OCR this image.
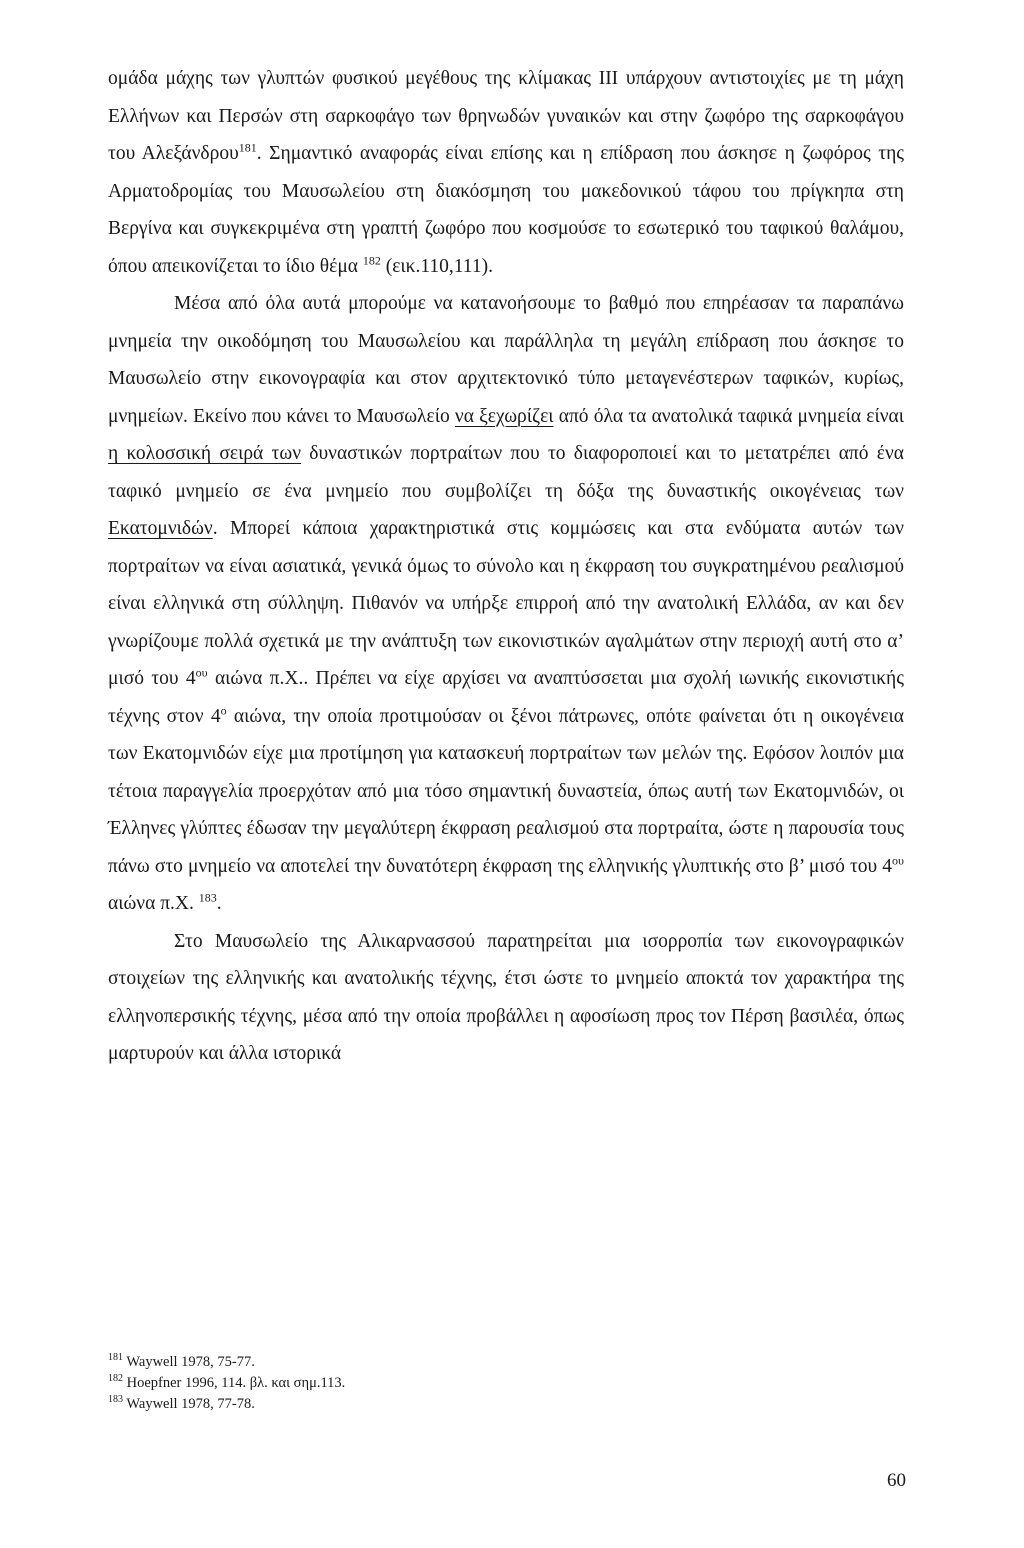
ομάδα μάχης των γλυπτών φυσικού μεγέθους της κλίμακας ΙΙΙ υπάρχουν αντιστοιχίες με τη μάχη Ελλήνων και Περσών στη σαρκοφάγο των θρηνωδών γυναικών και στην ζωφόρο της σαρκοφάγου του Αλεξάνδρου$^{181}$. Σημαντικό αναφοράς είναι επίσης και η επίδραση που άσκησε η ζωφόρος της Αρματοδρομίας του Μαυσωλείου στη διακόσμηση του μακεδονικού τάφου του πρίγκηπα στη Βεργίνα και συγκεκριμένα στη γραπτή ζωφόρο που κοσμούσε το εσωτερικό του ταφικού θαλάμου, όπου απεικονίζεται το ίδιο θέμα $^{182}$ (εικ.110,111).

Μέσα από όλα αυτά μπορούμε να κατανοήσουμε το βαθμό που επηρέασαν τα παραπάνω μνημεία την οικοδόμηση του Μαυσωλείου και παράλληλα τη μεγάλη επίδραση που άσκησε το Μαυσωλείο στην εικονογραφία και στον αρχιτεκτονικό τύπο μεταγενέστερων ταφικών, κυρίως, μνημείων. Εκείνο που κάνει το Μαυσωλείο να ξεχωρίζει από όλα τα ανατολικά ταφικά μνημεία είναι η κολοσσική σειρά των δυναστικών πορτραίτων που το διαφοροποιεί και το μετατρέπει από ένα ταφικό μνημείο σε ένα μνημείο που συμβολίζει τη δόξα της δυναστικής οικογένειας των Εκατομνιδών. Μπορεί κάποια χαρακτηριστικά στις κομμώσεις και στα ενδύματα αυτών των πορτραίτων να είναι ασιατικά, γενικά όμως το σύνολο και η έκφραση του συγκρατημένου ρεαλισμού είναι ελληνικά στη σύλληψη. Πιθανόν να υπήρξε επιρροή από την ανατολική Ελλάδα, αν και δεν γνωρίζουμε πολλά σχετικά με την ανάπτυξη των εικονιστικών αγαλμάτων στην περιοχή αυτή στο α’ μισό του $4^{o\upsilon}$ αιώνα π.Χ.. Πρέπει να είχε αρχίσει να αναπτύσσεται μια σχολή ιωνικής εικονιστικής τέχνης στον $4^o$ αιώνα, την οποία προτιμούσαν οι ξένοι πάτρωνες, οπότε φαίνεται ότι η οικογένεια των Εκατομνιδών είχε μια προτίμηση για κατασκευή πορτραίτων των μελών της. Εφόσον λοιπόν μια τέτοια παραγγελία προερχόταν από μια τόσο σημαντική δυναστεία, όπως αυτή των Εκατομνιδών, οι Έλληνες γλύπτες έδωσαν την μεγαλύτερη έκφραση ρεαλισμού στα πορτραίτα, ώστε η παρουσία τους πάνω στο μνημείο να αποτελεί την δυνατότερη έκφραση της ελληνικής γλυπτικής στο β’ μισό του $4^{o\upsilon}$ αιώνα π.Χ. $^{183}$.

Στο Μαυσωλείο της Αλικαρνασσού παρατηρείται μια ισορροπία των εικονογραφικών στοιχείων της ελληνικής και ανατολικής τέχνης, έτσι ώστε το μνημείο αποκτά τον χαρακτήρα της ελληνοπερσικής τέχνης, μέσα από την οποία προβάλλει η αφοσίωση προς τον Πέρση βασιλέα, όπως μαρτυρούν και άλλα ιστορικά

$^{181}$ Waywell 1978, 75-77.

$^{182}$ Hoepfner 1996, 114. βλ. και σημ.113.

$^{183}$ Waywell 1978, 77-78.

60
